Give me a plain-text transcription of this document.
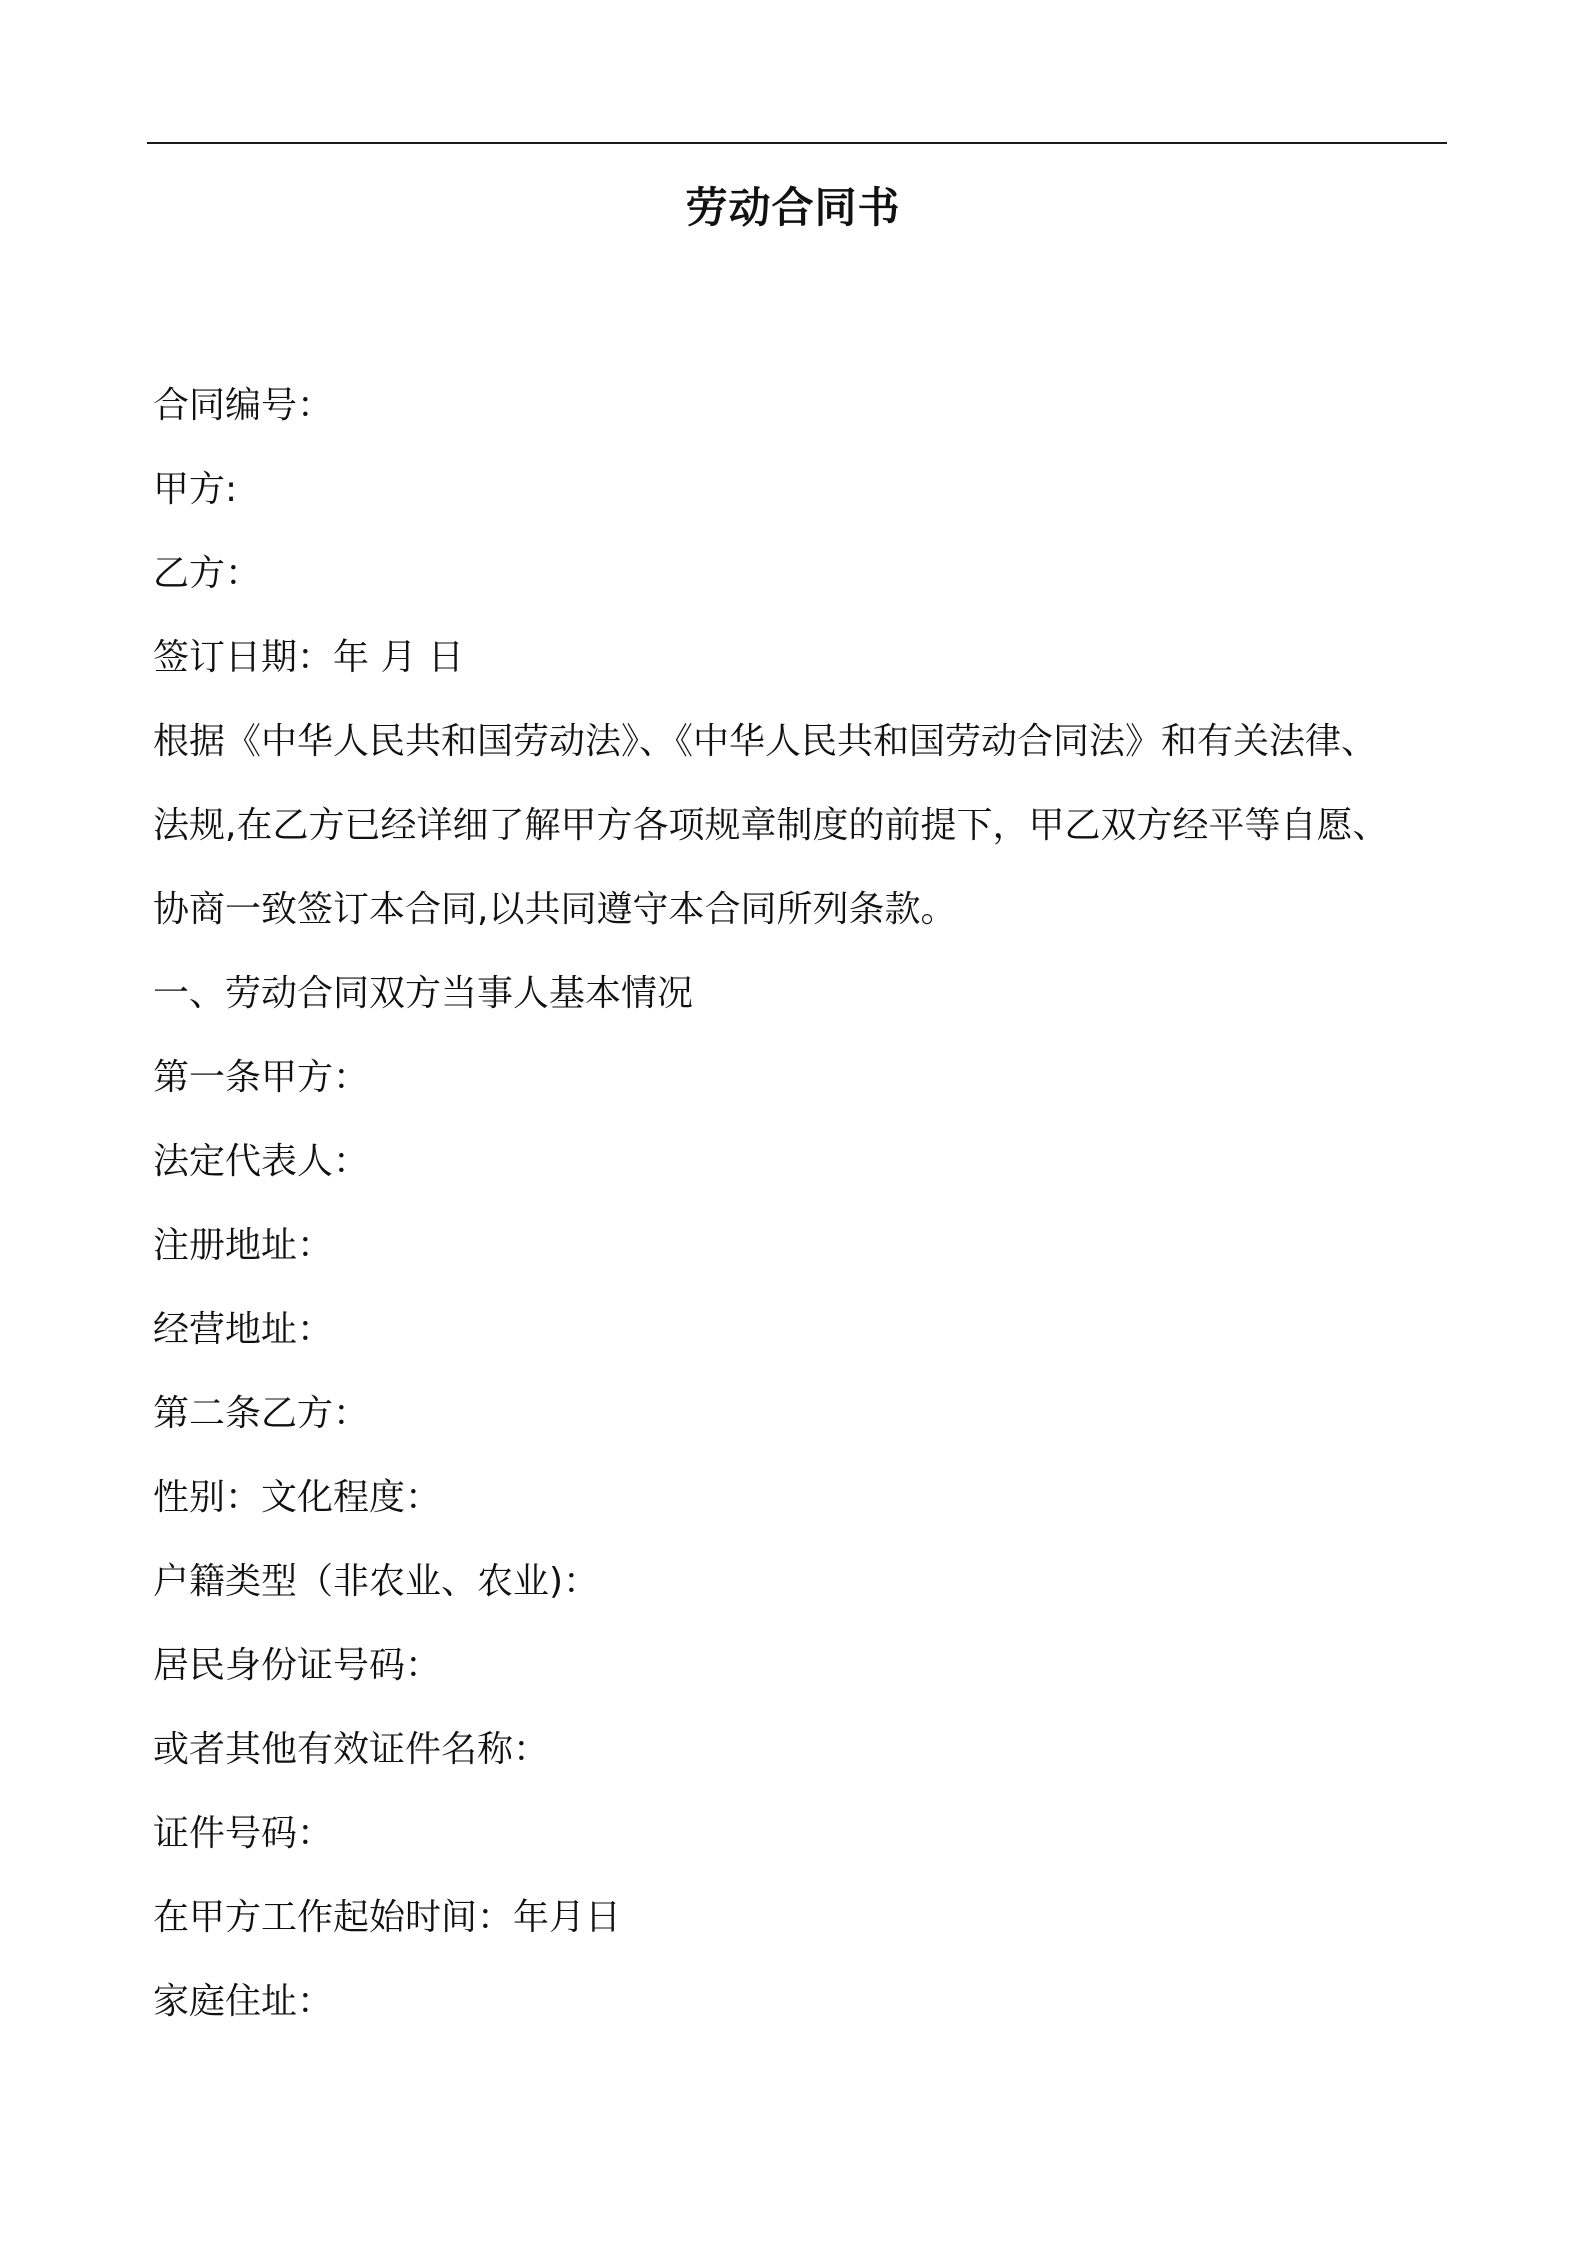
劳动合同书
合同编号：
甲方:
乙方：
签订日期：年 月 日
根据《中华人民共和国劳动法》、《中华人民共和国劳动合同法》和有关法律、
法规,在乙方已经详细了解甲方各项规章制度的前提下，甲乙双方经平等自愿、
协商一致签订本合同,以共同遵守本合同所列条款。
一、劳动合同双方当事人基本情况
第一条甲方：
法定代表人：
注册地址：
经营地址：
第二条乙方：
性别：文化程度：
户籍类型（非农业、农业)：
居民身份证号码：
或者其他有效证件名称：
证件号码：
在甲方工作起始时间：年月日
家庭住址：
